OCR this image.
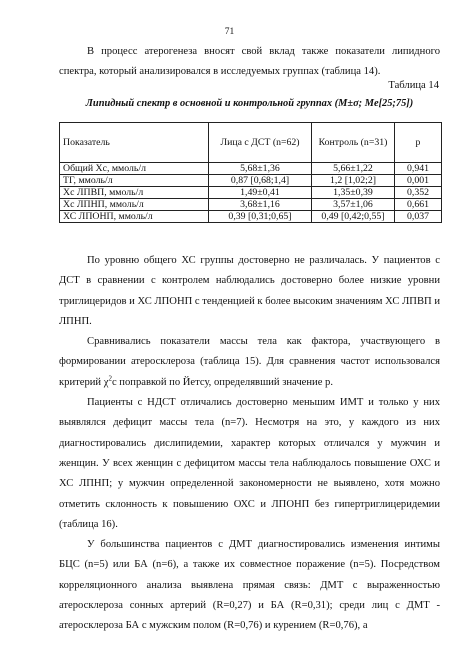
71

В процесс атерогенеза вносят свой вклад также показатели липидного спектра, который анализировался в исследуемых группах (таблица 14).

Таблица 14
Липидный спектр в основной и контрольной группах (M±σ; Me[25;75])
Показатель	Лица с ДСТ (n=62)	Контроль (n=31)	p
Общий Хс, ммоль/л	5,68±1,36	5,66±1,22	0,941
ТГ, ммоль/л	0,87 [0,68;1,4]	1,2 [1,02;2]	0,001
Хс ЛПВП, ммоль/л	1,49±0,41	1,35±0,39	0,352
Хс ЛПНП, ммоль/л	3,68±1,16	3,57±1,06	0,661
ХС ЛПОНП, ммоль/л	0,39 [0,31;0,65]	0,49 [0,42;0,55]	0,037

По уровню общего ХС группы достоверно не различалась. У пациентов с ДСТ в сравнении с контролем наблюдались достоверно более низкие уровни триглицеридов и ХС ЛПОНП с тенденцией к более высоким значениям ХС ЛПВП и ЛПНП.

Сравнивались показатели массы тела как фактора, участвующего в формировании атеросклероза (таблица 15). Для сравнения частот использовался критерий $\chi^2с$ поправкой по Йетсу, определявший значение р.

Пациенты с НДСТ отличались достоверно меньшим ИМТ и только у них выявлялся дефицит массы тела (n=7). Несмотря на это, у каждого из них диагностировались дислипидемии, характер которых отличался у мужчин и женщин. У всех женщин с дефицитом массы тела наблюдалось повышение ОХС и ХС ЛПНП; у мужчин определенной закономерности не выявлено, хотя можно отметить склонность к повышению ОХС и ЛПОНП без гипертриглицеридемии (таблица 16).

У большинства пациентов с ДМТ диагностировались изменения интимы БЦС (n=5) или БА (n=6), а также их совместное поражение (n=5). Посредством корреляционного анализа выявлена прямая связь: ДМТ с выраженностью атеросклероза сонных артерий (R=0,27) и БА (R=0,31); среди лиц с ДМТ - атеросклероза БА с мужским полом (R=0,76) и курением (R=0,76), а
